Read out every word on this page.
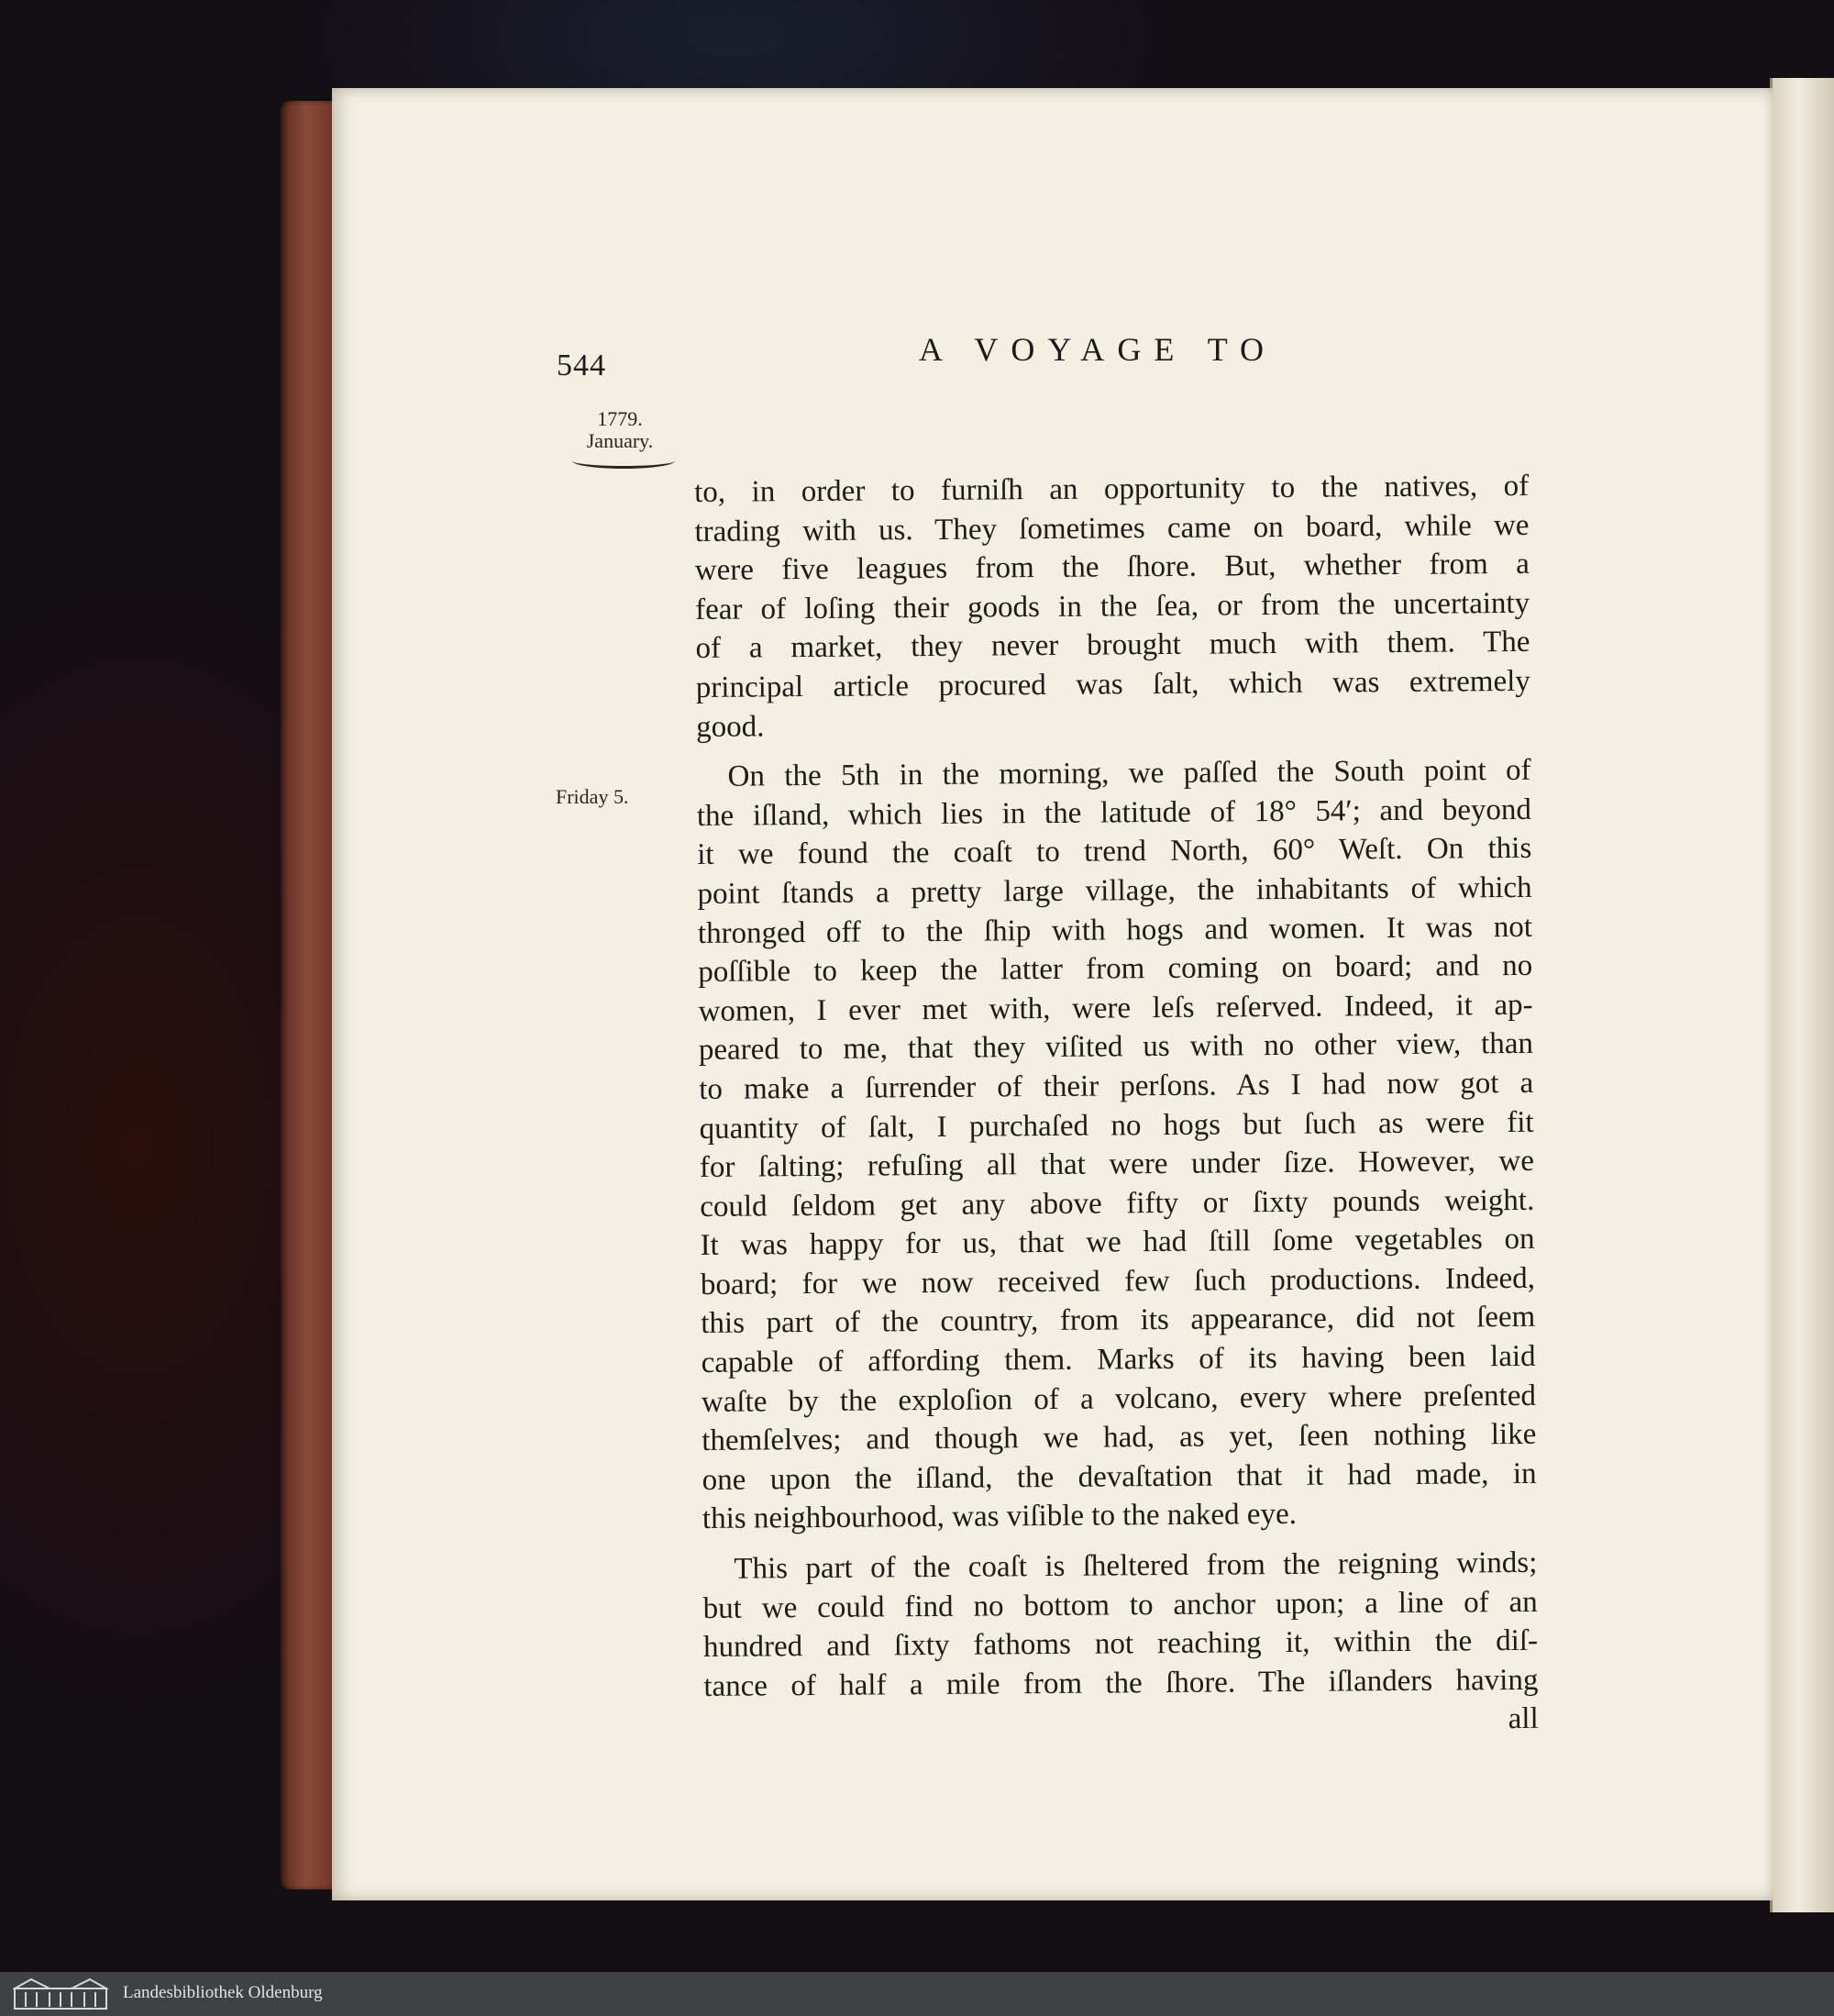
544	A VOYAGE TO
1779.
January.
Friday 5.

to, in order to furniſh an opportunity to the natives, of
trading with us. They ſometimes came on board, while we
were five leagues from the ſhore. But, whether from a
fear of loſing their goods in the ſea, or from the uncertainty
of a market, they never brought much with them. The
principal article procured was ſalt, which was extremely
good.

On the 5th in the morning, we paſſed the South point of
the iſland, which lies in the latitude of 18° 54′; and beyond
it we found the coaſt to trend North, 60° Weſt. On this
point ſtands a pretty large village, the inhabitants of which
thronged off to the ſhip with hogs and women. It was not
poſſible to keep the latter from coming on board; and no
women, I ever met with, were leſs reſerved. Indeed, it ap-
peared to me, that they viſited us with no other view, than
to make a ſurrender of their perſons. As I had now got a
quantity of ſalt, I purchaſed no hogs but ſuch as were fit
for ſalting; refuſing all that were under ſize. However, we
could ſeldom get any above fifty or ſixty pounds weight.
It was happy for us, that we had ſtill ſome vegetables on
board; for we now received few ſuch productions. Indeed,
this part of the country, from its appearance, did not ſeem
capable of affording them. Marks of its having been laid
waſte by the exploſion of a volcano, every where preſented
themſelves; and though we had, as yet, ſeen nothing like
one upon the iſland, the devaſtation that it had made, in
this neighbourhood, was viſible to the naked eye.

This part of the coaſt is ſheltered from the reigning winds;
but we could find no bottom to anchor upon; a line of an
hundred and ſixty fathoms not reaching it, within the diſ-
tance of half a mile from the ſhore. The iſlanders having
all

Landesbibliothek Oldenburg
